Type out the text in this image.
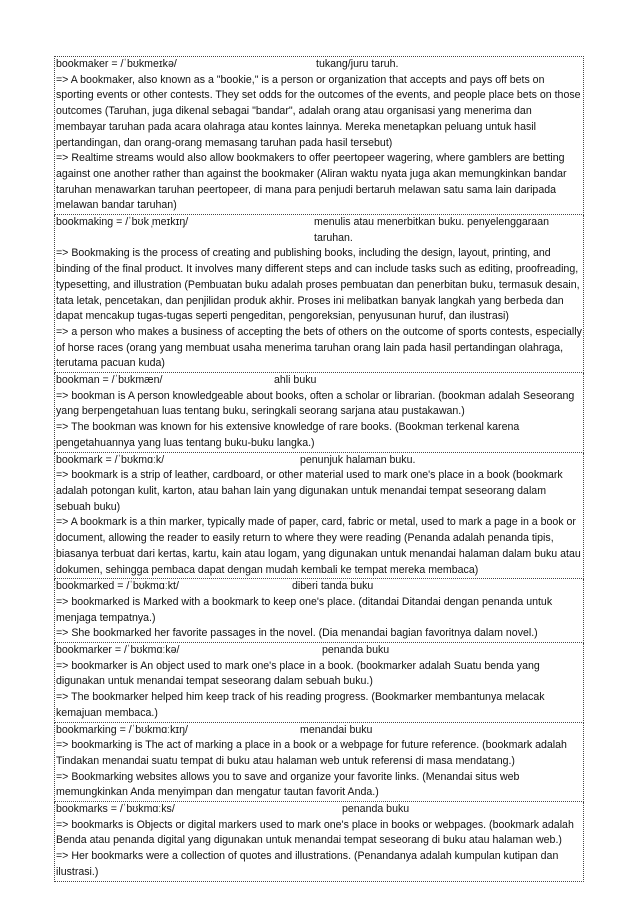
bookmaker = /ˈbʊkmeɪkə/	tukang/juru taruh.
=> A bookmaker, also known as a "bookie," is a person or organization that accepts and pays off bets on sporting events or other contests. They set odds for the outcomes of the events, and people place bets on those outcomes (Taruhan, juga dikenal sebagai "bandar", adalah orang atau organisasi yang menerima dan membayar taruhan pada acara olahraga atau kontes lainnya. Mereka menetapkan peluang untuk hasil pertandingan, dan orang-orang memasang taruhan pada hasil tersebut)
=> Realtime streams would also allow bookmakers to offer peertopeer wagering, where gamblers are betting against one another rather than against the bookmaker (Aliran waktu nyata juga akan memungkinkan bandar taruhan menawarkan taruhan peertopeer, di mana para penjudi bertaruh melawan satu sama lain daripada melawan bandar taruhan)
bookmaking = /ˈbʊk ̩meɪkɪŋ/	menulis atau menerbitkan buku. penyelenggaraan taruhan.
=> Bookmaking is the process of creating and publishing books, including the design, layout, printing, and binding of the final product. It involves many different steps and can include tasks such as editing, proofreading, typesetting, and illustration (Pembuatan buku adalah proses pembuatan dan penerbitan buku, termasuk desain, tata letak, pencetakan, dan penjilidan produk akhir. Proses ini melibatkan banyak langkah yang berbeda dan dapat mencakup tugas-tugas seperti pengeditan, pengoreksian, penyusunan huruf, dan ilustrasi)
=> a person who makes a business of accepting the bets of others on the outcome of sports contests, especially of horse races (orang yang membuat usaha menerima taruhan orang lain pada hasil pertandingan olahraga, terutama pacuan kuda)
bookman = /ˈbʊkmæn/	ahli buku
=> bookman is A person knowledgeable about books, often a scholar or librarian. (bookman adalah Seseorang yang berpengetahuan luas tentang buku, seringkali seorang sarjana atau pustakawan.)
=> The bookman was known for his extensive knowledge of rare books. (Bookman terkenal karena pengetahuannya yang luas tentang buku-buku langka.)
bookmark = /ˈbʊkmɑːk/	penunjuk halaman buku.
=> bookmark is a strip of leather, cardboard, or other material used to mark one's place in a book (bookmark adalah potongan kulit, karton, atau bahan lain yang digunakan untuk menandai tempat seseorang dalam sebuah buku)
=> A bookmark is a thin marker, typically made of paper, card, fabric or metal, used to mark a page in a book or document, allowing the reader to easily return to where they were reading (Penanda adalah penanda tipis, biasanya terbuat dari kertas, kartu, kain atau logam, yang digunakan untuk menandai halaman dalam buku atau dokumen, sehingga pembaca dapat dengan mudah kembali ke tempat mereka membaca)
bookmarked = /ˈbʊkmɑːkt/	diberi tanda buku
=> bookmarked is Marked with a bookmark to keep one's place. (ditandai Ditandai dengan penanda untuk menjaga tempatnya.)
=> She bookmarked her favorite passages in the novel. (Dia menandai bagian favoritnya dalam novel.)
bookmarker = /ˈbʊkmɑːkə/	penanda buku
=> bookmarker is An object used to mark one's place in a book. (bookmarker adalah Suatu benda yang digunakan untuk menandai tempat seseorang dalam sebuah buku.)
=> The bookmarker helped him keep track of his reading progress. (Bookmarker membantunya melacak kemajuan membaca.)
bookmarking = /ˈbʊkmɑːkɪŋ/	menandai buku
=> bookmarking is The act of marking a place in a book or a webpage for future reference. (bookmark adalah Tindakan menandai suatu tempat di buku atau halaman web untuk referensi di masa mendatang.)
=> Bookmarking websites allows you to save and organize your favorite links. (Menandai situs web memungkinkan Anda menyimpan dan mengatur tautan favorit Anda.)
bookmarks = /ˈbʊkmɑːks/	penanda buku
=> bookmarks is Objects or digital markers used to mark one's place in books or webpages. (bookmark adalah Benda atau penanda digital yang digunakan untuk menandai tempat seseorang di buku atau halaman web.)
=> Her bookmarks were a collection of quotes and illustrations. (Penandanya adalah kumpulan kutipan dan ilustrasi.)
